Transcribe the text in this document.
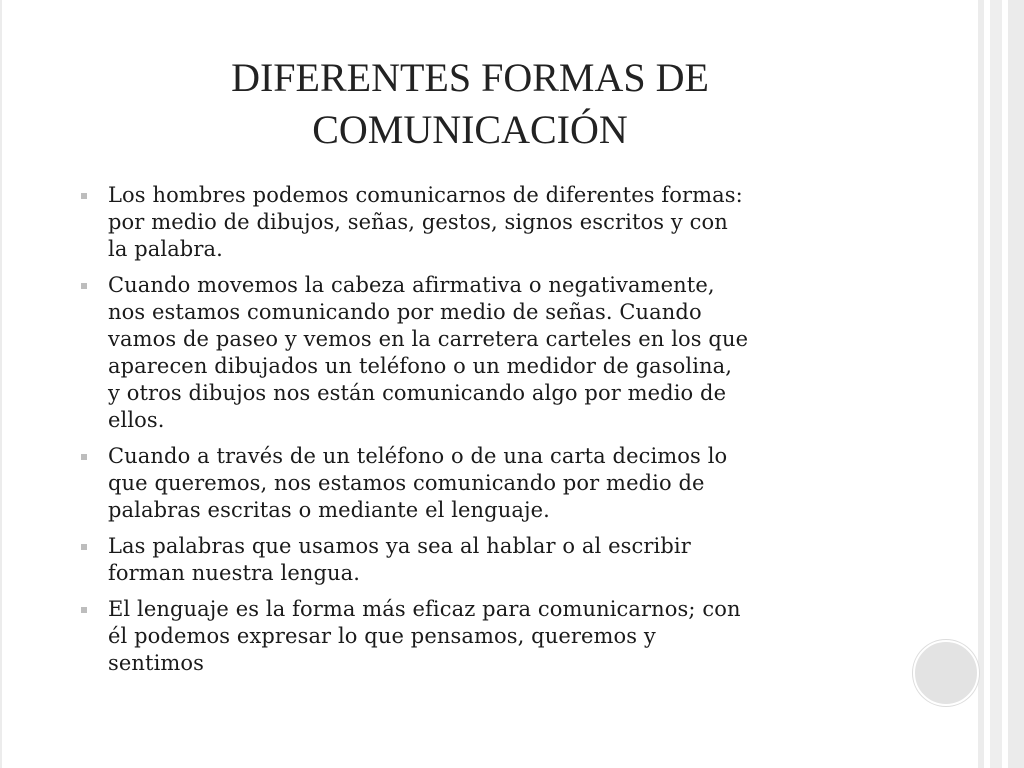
DIFERENTES FORMAS DE
COMUNICACIÓN
Los hombres podemos comunicarnos de diferentes formas:
por medio de dibujos, señas, gestos, signos escritos y con
la palabra.
Cuando movemos la cabeza afirmativa o negativamente,
nos estamos comunicando por medio de señas. Cuando
vamos de paseo y vemos en la carretera carteles en los que
aparecen dibujados un teléfono o un medidor de gasolina,
y otros dibujos nos están comunicando algo por medio de
ellos.
Cuando a través de un teléfono o de una carta decimos lo
que queremos, nos estamos comunicando por medio de
palabras escritas o mediante el lenguaje.
Las palabras que usamos ya sea al hablar o al escribir
forman nuestra lengua.
El lenguaje es la forma más eficaz para comunicarnos; con
él podemos expresar lo que pensamos, queremos y
sentimos
